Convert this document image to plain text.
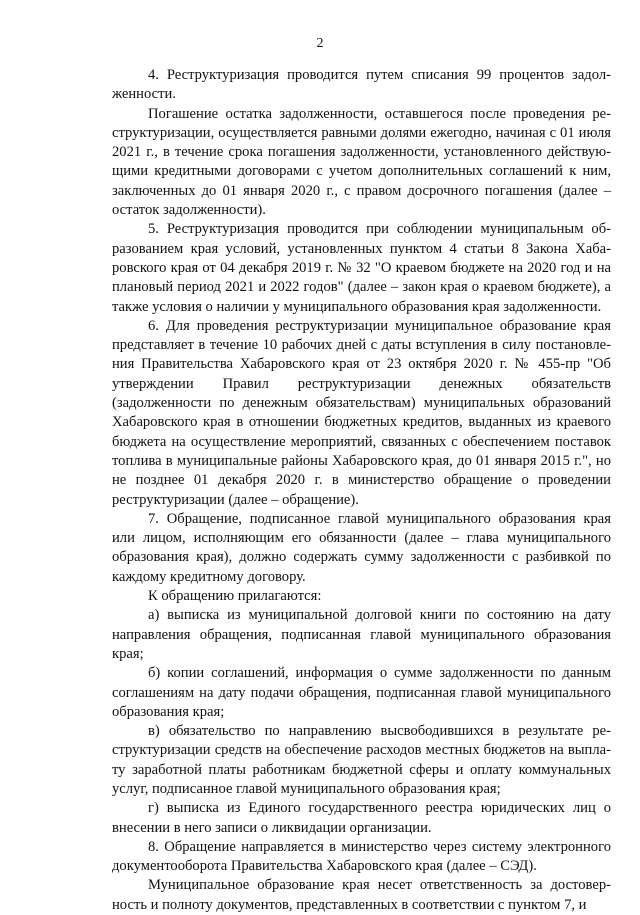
2

4. Реструктуризация проводится путем списания 99 процентов задолженности.

Погашение остатка задолженности, оставшегося после проведения реструктуризации, осуществляется равными долями ежегодно, начиная с 01 июля 2021 г., в течение срока погашения задолженности, установленного действующими кредитными договорами с учетом дополнительных соглашений к ним, заключенных до 01 января 2020 г., с правом досрочного погашения (далее – остаток задолженности).

5. Реструктуризация проводится при соблюдении муниципальным образованием края условий, установленных пунктом 4 статьи 8 Закона Хабаровского края от 04 декабря 2019 г. № 32 "О краевом бюджете на 2020 год и на плановый период 2021 и 2022 годов" (далее – закон края о краевом бюджете), а также условия о наличии у муниципального образования края задолженности.

6. Для проведения реструктуризации муниципальное образование края представляет в течение 10 рабочих дней с даты вступления в силу постановления Правительства Хабаровского края от 23 октября 2020 г. № 455-пр "Об утверждении Правил реструктуризации денежных обязательств (задолженности по денежным обязательствам) муниципальных образований Хабаровского края в отношении бюджетных кредитов, выданных из краевого бюджета на осуществление мероприятий, связанных с обеспечением поставок топлива в муниципальные районы Хабаровского края, до 01 января 2015 г.", но не позднее 01 декабря 2020 г. в министерство обращение о проведении реструктуризации (далее – обращение).

7. Обращение, подписанное главой муниципального образования края или лицом, исполняющим его обязанности (далее – глава муниципального образования края), должно содержать сумму задолженности с разбивкой по каждому кредитному договору.

К обращению прилагаются:

а) выписка из муниципальной долговой книги по состоянию на дату направления обращения, подписанная главой муниципального образования края;

б) копии соглашений, информация о сумме задолженности по данным соглашениям на дату подачи обращения, подписанная главой муниципального образования края;

в) обязательство по направлению высвободившихся в результате реструктуризации средств на обеспечение расходов местных бюджетов на выплату заработной платы работникам бюджетной сферы и оплату коммунальных услуг, подписанное главой муниципального образования края;

г) выписка из Единого государственного реестра юридических лиц о внесении в него записи о ликвидации организации.

8. Обращение направляется в министерство через систему электронного документооборота Правительства Хабаровского края (далее – СЭД).

Муниципальное образование края несет ответственность за достоверность и полноту документов, представленных в соответствии с пунктом 7, и
